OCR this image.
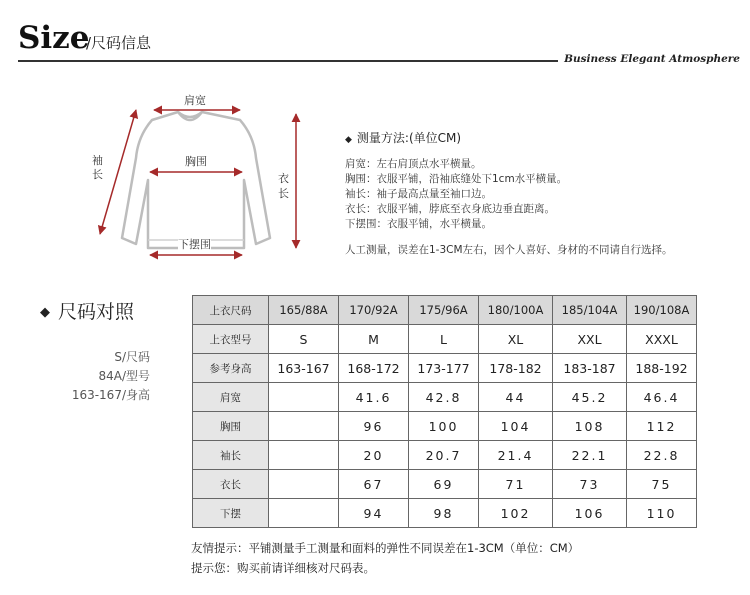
Size
/尺码信息
Business Elegant Atmosphere
肩宽
胸围
下摆围
袖
长	衣
长
◆ 测量方法:(单位CM)
肩宽：左右肩顶点水平横量。
胸围：衣服平铺，沿袖底缝处下1cm水平横量。
袖长：袖子最高点量至袖口边。
衣长：衣服平铺，脖底至衣身底边垂直距离。
下摆围：衣服平铺，水平横量。
人工测量，误差在1-3CM左右，因个人喜好、身材的不同请自行选择。
◆ 尺码对照
S/尺码
84A/型号
163-167/身高
上衣尺码	165/88A	170/92A	175/96A	180/100A	185/104A	190/108A
上衣型号	S	M	L	XL	XXL	XXXL
参考身高	163-167	168-172	173-177	178-182	183-187	188-192
肩宽		41.6	42.8	44	45.2	46.4
胸围		96	100	104	108	112
袖长		20	20.7	21.4	22.1	22.8
衣长		67	69	71	73	75
下摆		94	98	102	106	110
友情提示：平铺测量手工测量和面料的弹性不同误差在1-3CM（单位：CM）
提示您：购买前请详细核对尺码表。
